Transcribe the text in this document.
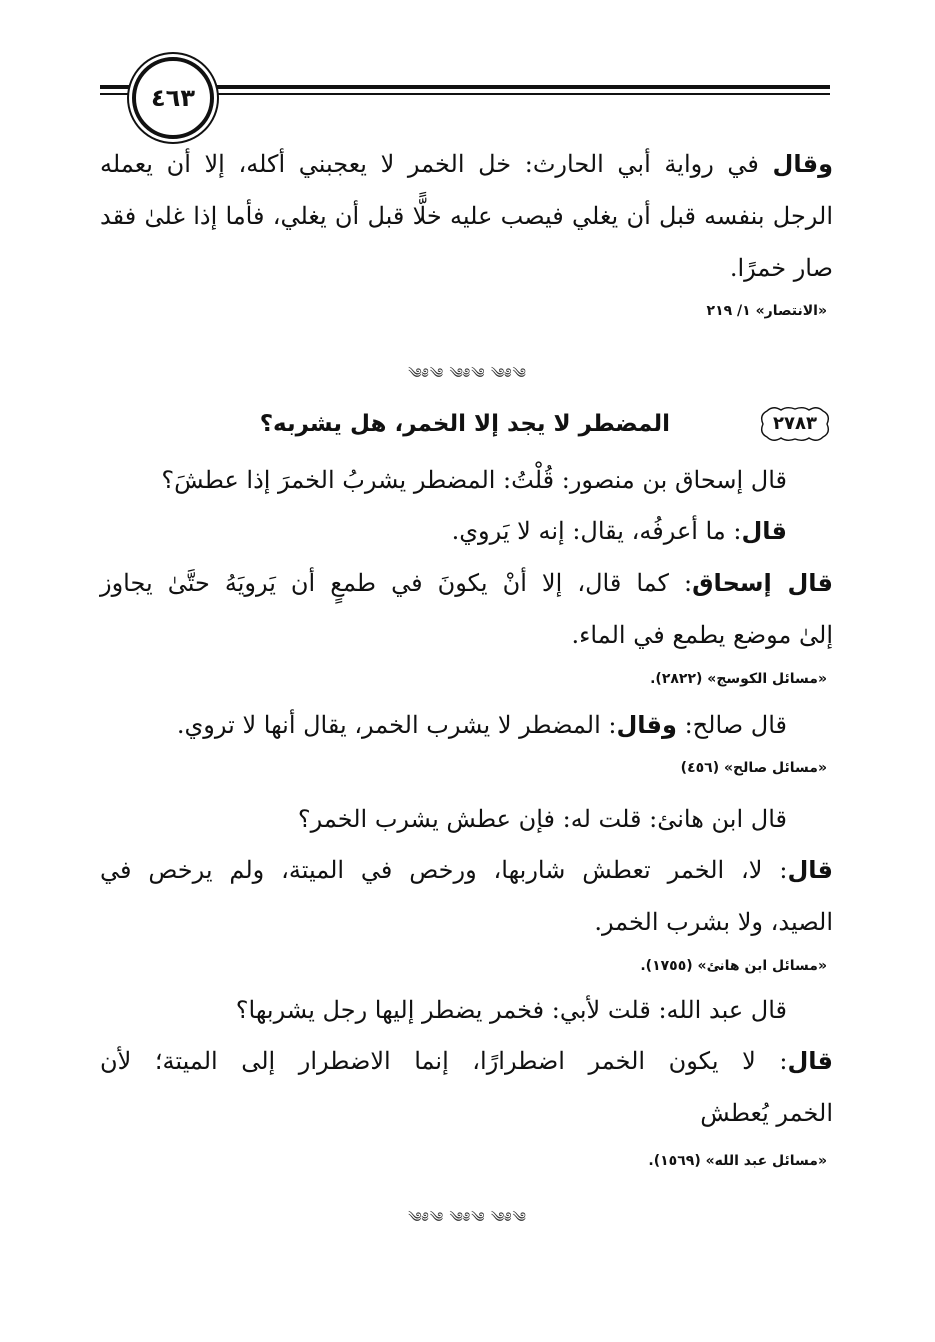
٤٦٣
وقال في رواية أبي الحارث: خل الخمر لا يعجبني أكله، إلا أن يعمله
الرجل بنفسه قبل أن يغلي فيصب عليه خلًّا قبل أن يغلي، فأما إذا غلىٰ فقد
صار خمرًا.
«الانتصار» ١/ ٢١٩
༄༅༄ ༄༅༄ ༄༅༄
٢٧٨٣
المضطر لا يجد إلا الخمر، هل يشربه؟
قال إسحاق بن منصور: قُلْتُ: المضطر يشربُ الخمرَ إذا عطشَ؟
قال: ما أعرفُه، يقال: إنه لا يَروي.
قال إسحاق: كما قال، إلا أنْ يكونَ في طمعٍ أن يَرويَهُ حتَّىٰ يجاوز
إلىٰ موضع يطمع في الماء.
«مسائل الكوسج» (٢٨٢٢).
قال صالح: وقال: المضطر لا يشرب الخمر، يقال أنها لا تروي.
«مسائل صالح» (٤٥٦)
قال ابن هانئ: قلت له: فإن عطش يشرب الخمر؟
قال: لا، الخمر تعطش شاربها، ورخص في الميتة، ولم يرخص في
الصيد، ولا بشرب الخمر.
«مسائل ابن هانئ» (١٧٥٥).
قال عبد الله: قلت لأبي: فخمر يضطر إليها رجل يشربها؟
قال: لا يكون الخمر اضطرارًا، إنما الاضطرار إلى الميتة؛ لأن
الخمر يُعطش
«مسائل عبد الله» (١٥٦٩).
༄༅༄ ༄༅༄ ༄༅༄
